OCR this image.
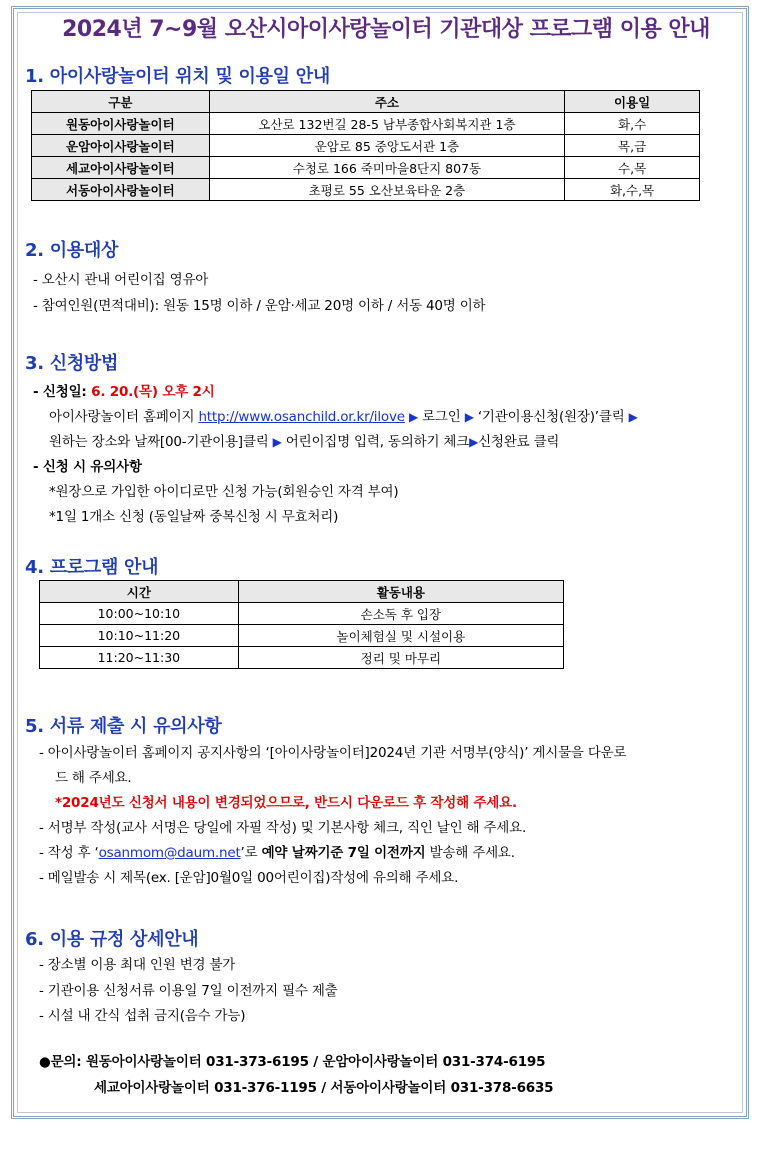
2024년 7~9월 오산시아이사랑놀이터 기관대상 프로그램 이용 안내
1. 아이사랑놀이터 위치 및 이용일 안내
구분	주소	이용일
원동아이사랑놀이터	오산로 132번길 28-5 남부종합사회복지관 1층	화,수
운암아이사랑놀이터	운암로 85 중앙도서관 1층	목,금
세교아이사랑놀이터	수청로 166 죽미마을8단지 807동	수,목
서동아이사랑놀이터	초평로 55 오산보육타운 2층	화,수,목
2. 이용대상
- 오산시 관내 어린이집 영유아
- 참여인원(면적대비): 원동 15명 이하 / 운암·세교 20명 이하 / 서동 40명 이하
3. 신청방법
- 신청일: 6. 20.(목) 오후 2시
아이사랑놀이터 홈페이지 http://www.osanchild.or.kr/ilove ▶ 로그인 ▶ ‘기관이용신청(원장)’클릭 ▶
원하는 장소와 날짜[00-기관이용]클릭 ▶ 어린이집명 입력, 동의하기 체크▶신청완료 클릭
- 신청 시 유의사항
*원장으로 가입한 아이디로만 신청 가능(회원승인 자격 부여)
*1일 1개소 신청 (동일날짜 중복신청 시 무효처리)
4. 프로그램 안내
시간	활동내용
10:00~10:10	손소독 후 입장
10:10~11:20	놀이체험실 및 시설이용
11:20~11:30	정리 및 마무리
5. 서류 제출 시 유의사항
- 아이사랑놀이터 홈페이지 공지사항의 ‘[아이사랑놀이터]2024년 기관 서명부(양식)’ 게시물을 다운로
드 해 주세요.
*2024년도 신청서 내용이 변경되었으므로, 반드시 다운로드 후 작성해 주세요.
- 서명부 작성(교사 서명은 당일에 자필 작성) 및 기본사항 체크, 직인 날인 해 주세요.
- 작성 후 ‘osanmom@daum.net’로 예약 날짜기준 7일 이전까지 발송해 주세요.
- 메일발송 시 제목(ex. [운암]0월0일 00어린이집)작성에 유의해 주세요.
6. 이용 규정 상세안내
- 장소별 이용 최대 인원 변경 불가
- 기관이용 신청서류 이용일 7일 이전까지 필수 제출
- 시설 내 간식 섭취 금지(음수 가능)
●문의: 원동아이사랑놀이터 031-373-6195 / 운암아이사랑놀이터 031-374-6195
세교아이사랑놀이터 031-376-1195 / 서동아이사랑놀이터 031-378-6635
